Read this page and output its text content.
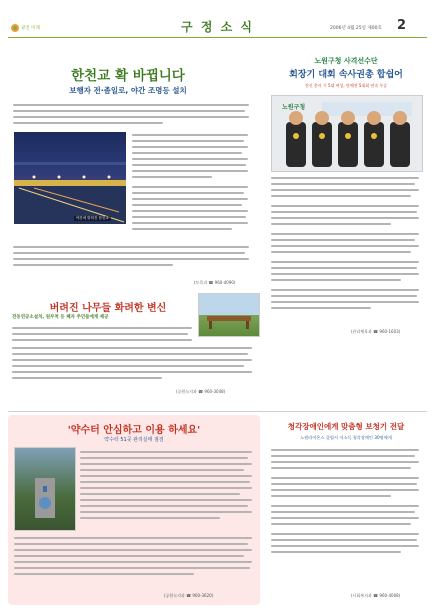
광진 미래	구 정 소 식	2006년 4월 25일 제00호 2
한천교 확 바뀝니다
보행자 전·좀일로, 야간 조명등 설치
야간에 밝혀진 한천교
(토목과 ☎ 960-4090)
노원구청 사격선수단
회장기 대회 속사권총 합쉽어
전신 총사 기 5대 여성, 단체전 5대회 연속 우승
노원구청
(관리체육과 ☎ 960-1603)
버려진 나무들 화려한 변신
전동연공소설치, 원무척 등 폐자 주민들에게 제공
(공원녹지과 ☎ 960-3048)
'약수터 안심하고 이용 하세요'
약수터 51곳 관리실태 점검
(공원녹지과 ☎ 960-3620)
청각장애인에게 맞춤형 보청기 전달
노원라이온스 클럽서 저소득 청각장애인 30명에게
(사회복지과 ☎ 960-4008)
